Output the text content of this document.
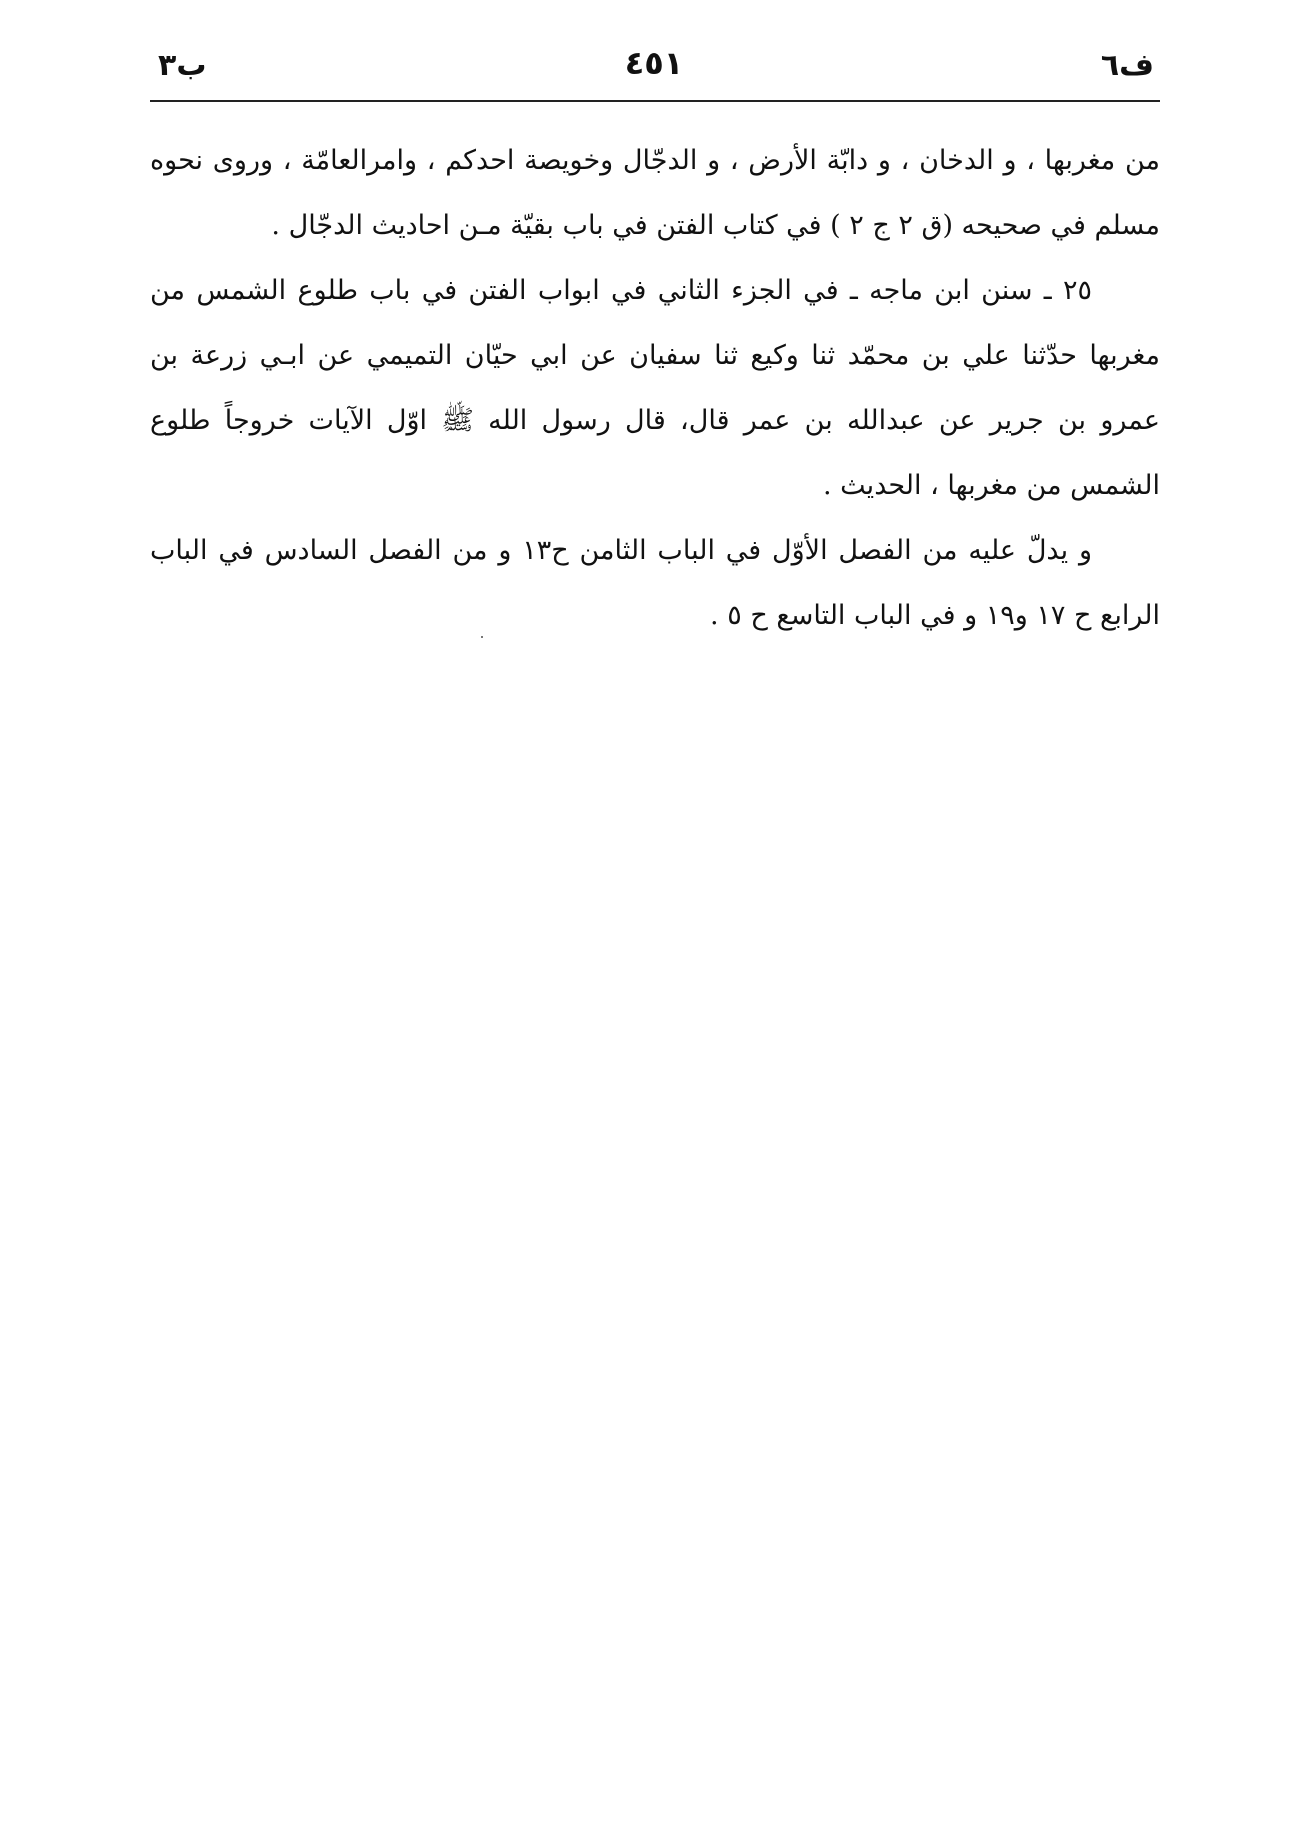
ف٦
٤٥١
ب٣

من مغربها ، و الدخان ، و دابّة الأرض ، و الدجّال وخويصة احدكم ، وامرالعامّة ، وروى نحوه مسلم في صحيحه (ق ٢ ج ٢ ) في كتاب الفتن في باب بقيّة مـن احاديث الدجّال .

٢٥ ـ سنن ابن ماجه ـ في الجزء الثاني في ابواب الفتن في باب طلوع الشمس من مغربها حدّثنا علي بن محمّد ثنا وكيع ثنا سفيان عن ابي حيّان التميمي عن ابـي زرعة بن عمرو بن جرير عن عبدالله بن عمر قال، قال رسول الله ﷺ اوّل الآيات خروجاً طلوع الشمس من مغربها ، الحديث .

و يدلّ عليه من الفصل الأوّل في الباب الثامن ح١٣ و من الفصل السادس في الباب الرابع ح ١٧ و١٩ و في الباب التاسع ح ٥ .
